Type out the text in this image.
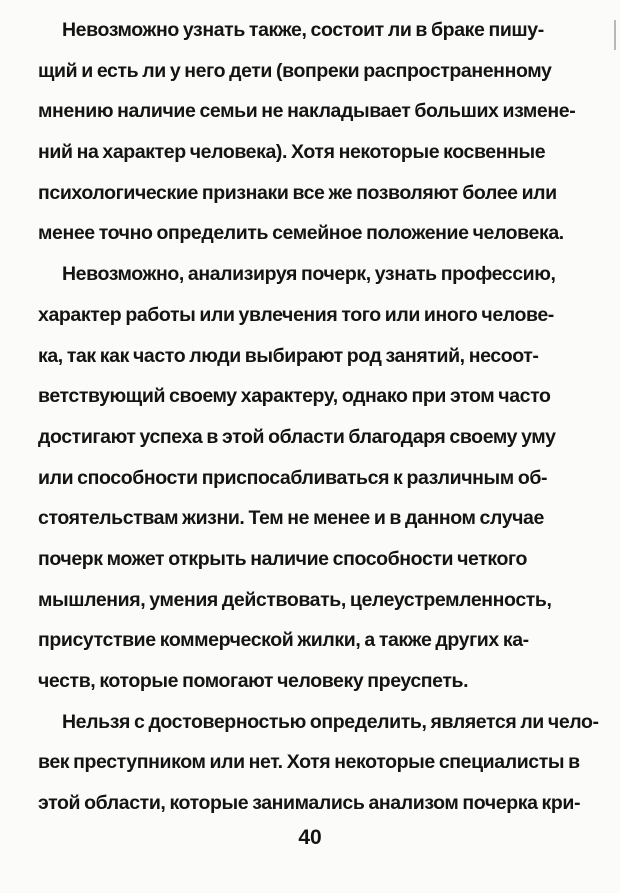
Невозможно узнать также, состоит ли в браке пишу-
щий и есть ли у него дети (вопреки распространенному
мнению наличие семьи не накладывает больших измене-
ний на характер человека). Хотя некоторые косвенные
психологические признаки все же позволяют более или
менее точно определить семейное положение человека.
Невозможно, анализируя почерк, узнать профессию,
характер работы или увлечения того или иного челове-
ка, так как часто люди выбирают род занятий, несоот-
ветствующий своему характеру, однако при этом часто
достигают успеха в этой области благодаря своему уму
или способности приспосабливаться к различным об-
стоятельствам жизни. Тем не менее и в данном случае
почерк может открыть наличие способности четкого
мышления, умения действовать, целеустремленность,
присутствие коммерческой жилки, а также других ка-
честв, которые помогают человеку преуспеть.
Нельзя с достоверностью определить, является ли чело-
век преступником или нет. Хотя некоторые специалисты в
этой области, которые занимались анализом почерка кри-
40
